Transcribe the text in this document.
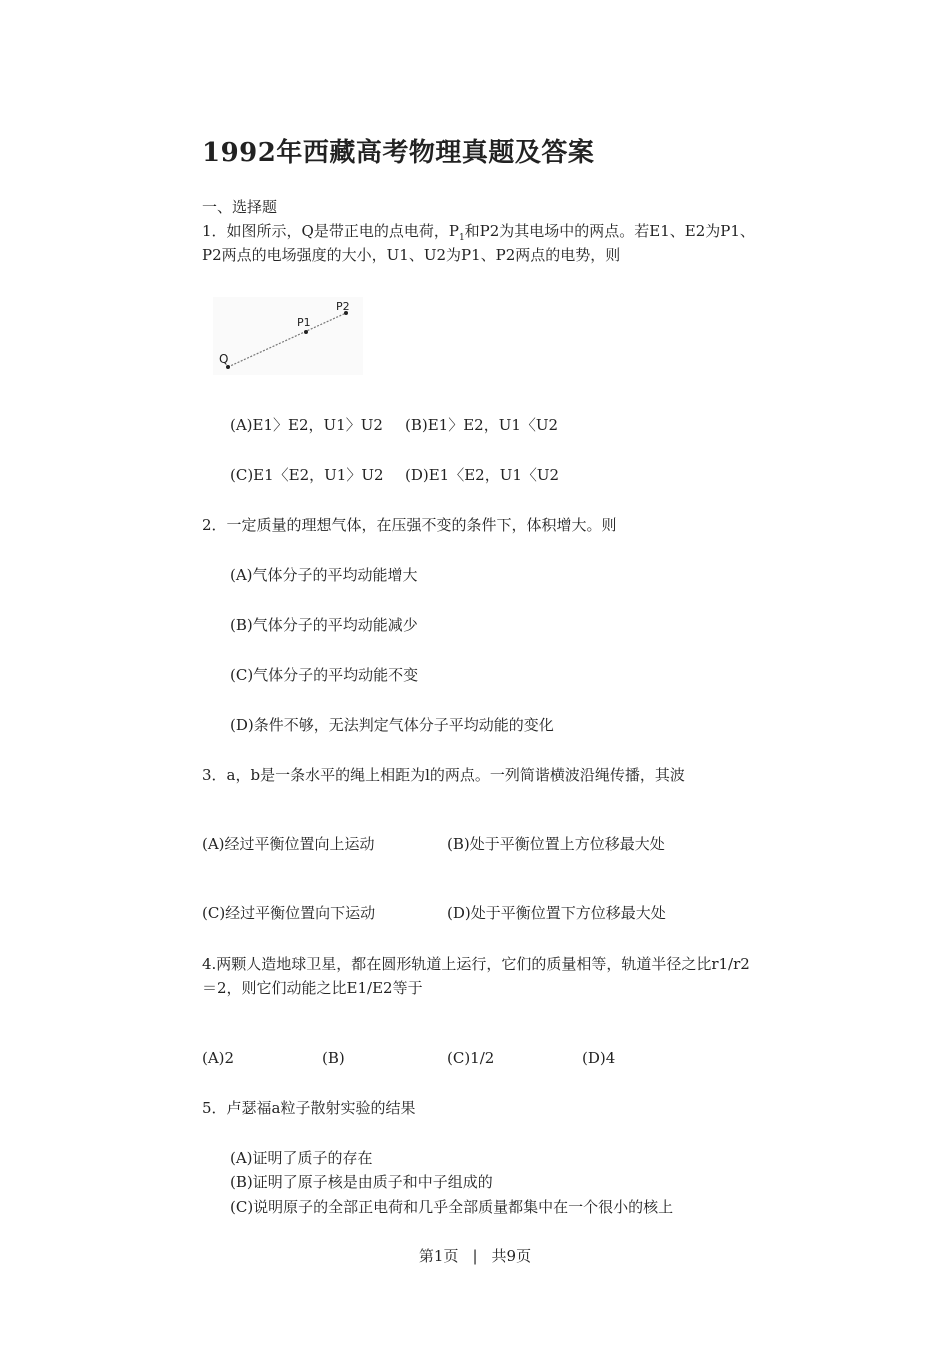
1992年西藏高考物理真题及答案
一、选择题
1．如图所示，Q是带正电的点电荷，$P_1$和P2为其电场中的两点。若E1、E2为P1、
P2两点的电场强度的大小，U1、U2为P1、P2两点的电势，则
Q
P1
P2
(A)E1〉E2，U1〉U2 (B)E1〉E2，U1〈U2
(C)E1〈E2，U1〉U2 (D)E1〈E2，U1〈U2
2．一定质量的理想气体，在压强不变的条件下，体积增大。则
(A)气体分子的平均动能增大
(B)气体分子的平均动能减少
(C)气体分子的平均动能不变
(D)条件不够，无法判定气体分子平均动能的变化
3．a，b是一条水平的绳上相距为l的两点。一列简谐横波沿绳传播，其波
(A)经过平衡位置向上运动	(B)处于平衡位置上方位移最大处
(C)经过平衡位置向下运动	(D)处于平衡位置下方位移最大处
4.两颗人造地球卫星，都在圆形轨道上运行，它们的质量相等，轨道半径之比r1/r2
＝2，则它们动能之比E1/E2等于
(A)2	(B)	(C)1/2	(D)4
5．卢瑟福a粒子散射实验的结果
(A)证明了质子的存在
(B)证明了原子核是由质子和中子组成的
(C)说明原子的全部正电荷和几乎全部质量都集中在一个很小的核上
第1页 | 共9页
